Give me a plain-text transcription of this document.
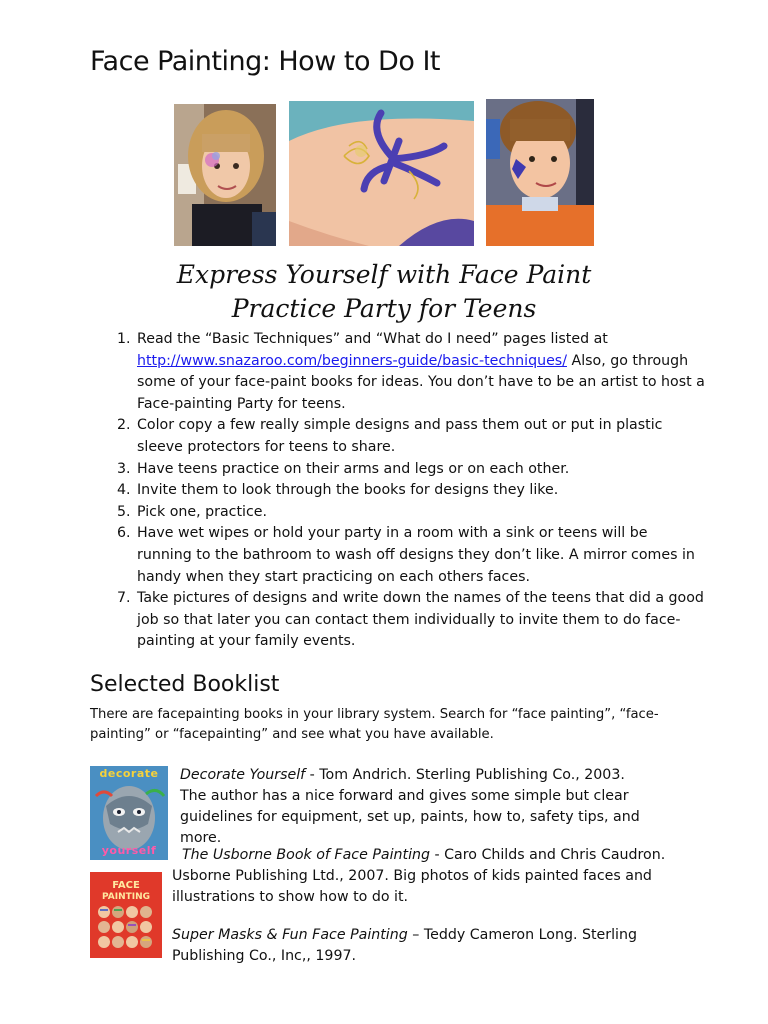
Face Painting: How to Do It
Express Yourself with Face Paint
Practice Party for Teens
1. Read the “Basic Techniques” and “What do I need” pages listed at http://www.snazaroo.com/beginners-guide/basic-techniques/ Also, go through some of your face-paint books for ideas. You don’t have to be an artist to host a Face-painting Party for teens.
2. Color copy a few really simple designs and pass them out or put in plastic sleeve protectors for teens to share.
3. Have teens practice on their arms and legs or on each other.
4. Invite them to look through the books for designs they like.
5. Pick one, practice.
6. Have wet wipes or hold your party in a room with a sink or teens will be running to the bathroom to wash off designs they don’t like. A mirror comes in handy when they start practicing on each others faces.
7. Take pictures of designs and write down the names of the teens that did a good job so that later you can contact them individually to invite them to do face-painting at your family events.
Selected Booklist
There are facepainting books in your library system. Search for “face painting”, “face-painting” or “facepainting” and see what you have available.
decorate
yourself
FACE
PAINTING
Decorate Yourself - Tom Andrich. Sterling Publishing Co., 2003.
The author has a nice forward and gives some simple but clear guidelines for equipment, set up, paints, how to, safety tips, and more.
The Usborne Book of Face Painting - Caro Childs and Chris Caudron.
Usborne Publishing Ltd., 2007. Big photos of kids painted faces and illustrations to show how to do it.
Super Masks & Fun Face Painting – Teddy Cameron Long. Sterling
Publishing Co., Inc,, 1997.
